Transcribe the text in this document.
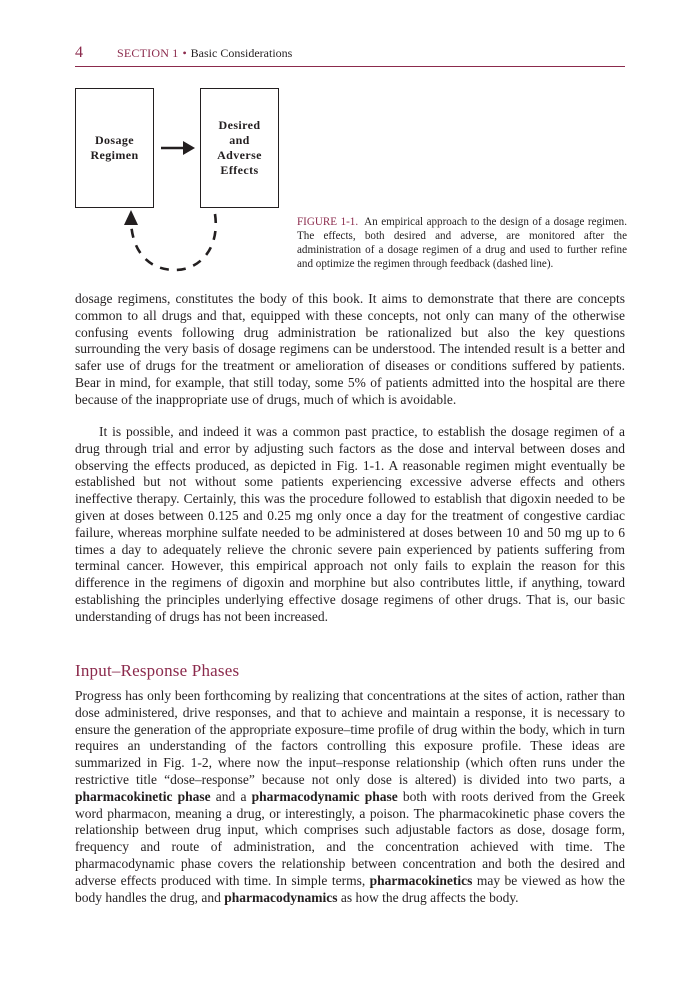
4	SECTION 1 • Basic Considerations
Dosage
Regimen
Desired
and
Adverse
Effects
FIGURE 1-1. An empirical approach to the design of a dosage regimen. The effects, both desired and adverse, are monitored after the administration of a dosage regimen of a drug and used to further refine and optimize the regimen through feedback (dashed line).

dosage regimens, constitutes the body of this book. It aims to demonstrate that there are concepts common to all drugs and that, equipped with these concepts, not only can many of the otherwise confusing events following drug administration be rationalized but also the key questions surrounding the very basis of dosage regimens can be understood. The intended result is a better and safer use of drugs for the treatment or amelioration of diseases or conditions suffered by patients. Bear in mind, for example, that still today, some 5% of patients admitted into the hospital are there because of the inappropriate use of drugs, much of which is avoidable.

It is possible, and indeed it was a common past practice, to establish the dosage regimen of a drug through trial and error by adjusting such factors as the dose and interval between doses and observing the effects produced, as depicted in Fig. 1-1. A reasonable regimen might eventually be established but not without some patients experiencing excessive adverse effects and others ineffective therapy. Certainly, this was the procedure followed to establish that digoxin needed to be given at doses between 0.125 and 0.25 mg only once a day for the treatment of congestive cardiac failure, whereas morphine sulfate needed to be administered at doses between 10 and 50 mg up to 6 times a day to adequately relieve the chronic severe pain experienced by patients suffering from terminal cancer. However, this empirical approach not only fails to explain the reason for this difference in the regimens of digoxin and morphine but also contributes little, if anything, toward establishing the principles underlying effective dosage regimens of other drugs. That is, our basic understanding of drugs has not been increased.

Input–Response Phases

Progress has only been forthcoming by realizing that concentrations at the sites of action, rather than dose administered, drive responses, and that to achieve and maintain a response, it is necessary to ensure the generation of the appropriate exposure–time profile of drug within the body, which in turn requires an understanding of the factors controlling this exposure profile. These ideas are summarized in Fig. 1-2, where now the input–response relationship (which often runs under the restrictive title “dose–response” because not only dose is altered) is divided into two parts, a pharmacokinetic phase and a pharmacodynamic phase both with roots derived from the Greek word pharmacon, meaning a drug, or interestingly, a poison. The pharmacokinetic phase covers the relationship between drug input, which comprises such adjustable factors as dose, dosage form, frequency and route of administration, and the concentration achieved with time. The pharmacodynamic phase covers the relationship between concentration and both the desired and adverse effects produced with time. In simple terms, pharmacokinetics may be viewed as how the body handles the drug, and pharmacodynamics as how the drug affects the body.
